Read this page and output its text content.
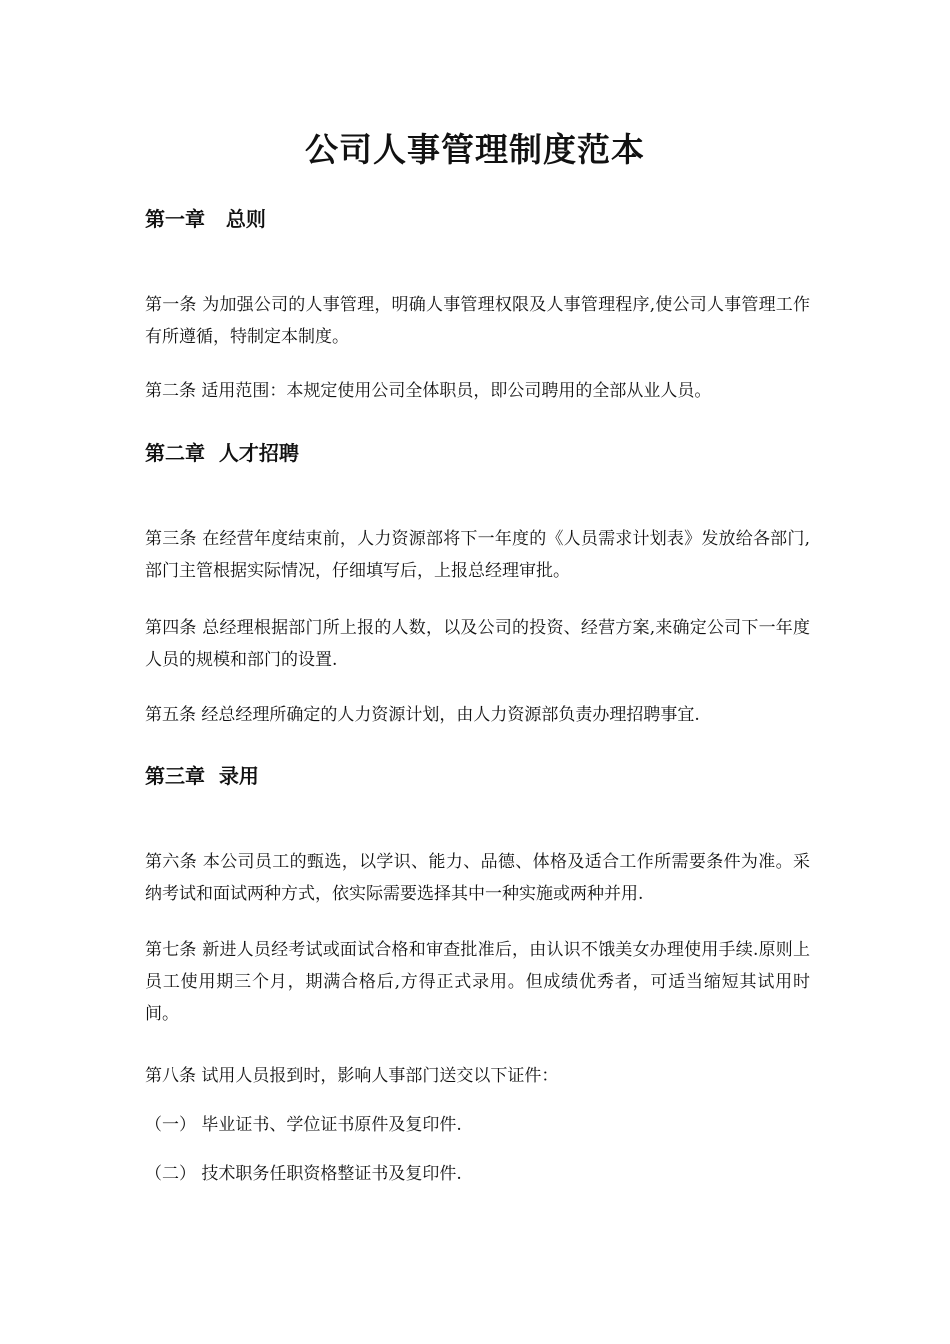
公司人事管理制度范本
第一章   总则

第一条 为加强公司的人事管理，明确人事管理权限及人事管理程序,使公司人事管理工作有所遵循，特制定本制度。

第二条 适用范围：本规定使用公司全体职员，即公司聘用的全部从业人员。

第二章  人才招聘

第三条 在经营年度结束前，人力资源部将下一年度的《人员需求计划表》发放给各部门,部门主管根据实际情况，仔细填写后，上报总经理审批。

第四条 总经理根据部门所上报的人数，以及公司的投资、经营方案,来确定公司下一年度人员的规模和部门的设置.

第五条 经总经理所确定的人力资源计划，由人力资源部负责办理招聘事宜.

第三章  录用

第六条 本公司员工的甄选，以学识、能力、品德、体格及适合工作所需要条件为准。采纳考试和面试两种方式，依实际需要选择其中一种实施或两种并用.

第七条 新进人员经考试或面试合格和审查批准后，由认识不饿美女办理使用手续.原则上员工使用期三个月，期满合格后,方得正式录用。但成绩优秀者，可适当缩短其试用时间。

第八条 试用人员报到时，影响人事部门送交以下证件：

（一） 毕业证书、学位证书原件及复印件.

（二） 技术职务任职资格整证书及复印件.
